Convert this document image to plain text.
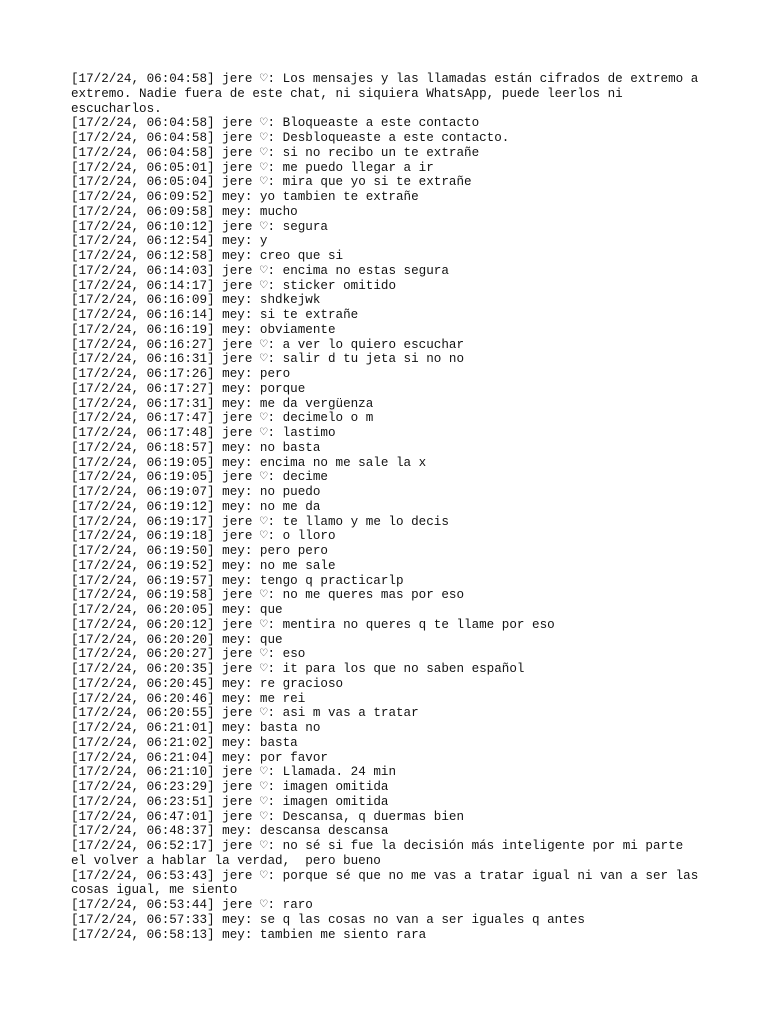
[17/2/24, 06:04:58] jere ♡: Los mensajes y las llamadas están cifrados de extremo a
extremo. Nadie fuera de este chat, ni siquiera WhatsApp, puede leerlos ni
escucharlos.
[17/2/24, 06:04:58] jere ♡: Bloqueaste a este contacto
[17/2/24, 06:04:58] jere ♡: Desbloqueaste a este contacto.
[17/2/24, 06:04:58] jere ♡: si no recibo un te extrañe
[17/2/24, 06:05:01] jere ♡: me puedo llegar a ir
[17/2/24, 06:05:04] jere ♡: mira que yo si te extrañe
[17/2/24, 06:09:52] mey: yo tambien te extrañe
[17/2/24, 06:09:58] mey: mucho
[17/2/24, 06:10:12] jere ♡: segura
[17/2/24, 06:12:54] mey: y
[17/2/24, 06:12:58] mey: creo que si
[17/2/24, 06:14:03] jere ♡: encima no estas segura
[17/2/24, 06:14:17] jere ♡: sticker omitido
[17/2/24, 06:16:09] mey: shdkejwk
[17/2/24, 06:16:14] mey: si te extrañe
[17/2/24, 06:16:19] mey: obviamente
[17/2/24, 06:16:27] jere ♡: a ver lo quiero escuchar
[17/2/24, 06:16:31] jere ♡: salir d tu jeta si no no
[17/2/24, 06:17:26] mey: pero
[17/2/24, 06:17:27] mey: porque
[17/2/24, 06:17:31] mey: me da vergüenza
[17/2/24, 06:17:47] jere ♡: decimelo o m
[17/2/24, 06:17:48] jere ♡: lastimo
[17/2/24, 06:18:57] mey: no basta
[17/2/24, 06:19:05] mey: encima no me sale la x
[17/2/24, 06:19:05] jere ♡: decime
[17/2/24, 06:19:07] mey: no puedo
[17/2/24, 06:19:12] mey: no me da
[17/2/24, 06:19:17] jere ♡: te llamo y me lo decis
[17/2/24, 06:19:18] jere ♡: o lloro
[17/2/24, 06:19:50] mey: pero pero
[17/2/24, 06:19:52] mey: no me sale
[17/2/24, 06:19:57] mey: tengo q practicarlp
[17/2/24, 06:19:58] jere ♡: no me queres mas por eso
[17/2/24, 06:20:05] mey: que
[17/2/24, 06:20:12] jere ♡: mentira no queres q te llame por eso
[17/2/24, 06:20:20] mey: que
[17/2/24, 06:20:27] jere ♡: eso
[17/2/24, 06:20:35] jere ♡: it para los que no saben español
[17/2/24, 06:20:45] mey: re gracioso
[17/2/24, 06:20:46] mey: me rei
[17/2/24, 06:20:55] jere ♡: asi m vas a tratar
[17/2/24, 06:21:01] mey: basta no
[17/2/24, 06:21:02] mey: basta
[17/2/24, 06:21:04] mey: por favor
[17/2/24, 06:21:10] jere ♡: Llamada. 24 min
[17/2/24, 06:23:29] jere ♡: imagen omitida
[17/2/24, 06:23:51] jere ♡: imagen omitida
[17/2/24, 06:47:01] jere ♡: Descansa, q duermas bien
[17/2/24, 06:48:37] mey: descansa descansa
[17/2/24, 06:52:17] jere ♡: no sé si fue la decisión más inteligente por mi parte
el volver a hablar la verdad,  pero bueno
[17/2/24, 06:53:43] jere ♡: porque sé que no me vas a tratar igual ni van a ser las
cosas igual, me siento
[17/2/24, 06:53:44] jere ♡: raro
[17/2/24, 06:57:33] mey: se q las cosas no van a ser iguales q antes
[17/2/24, 06:58:13] mey: tambien me siento rara
